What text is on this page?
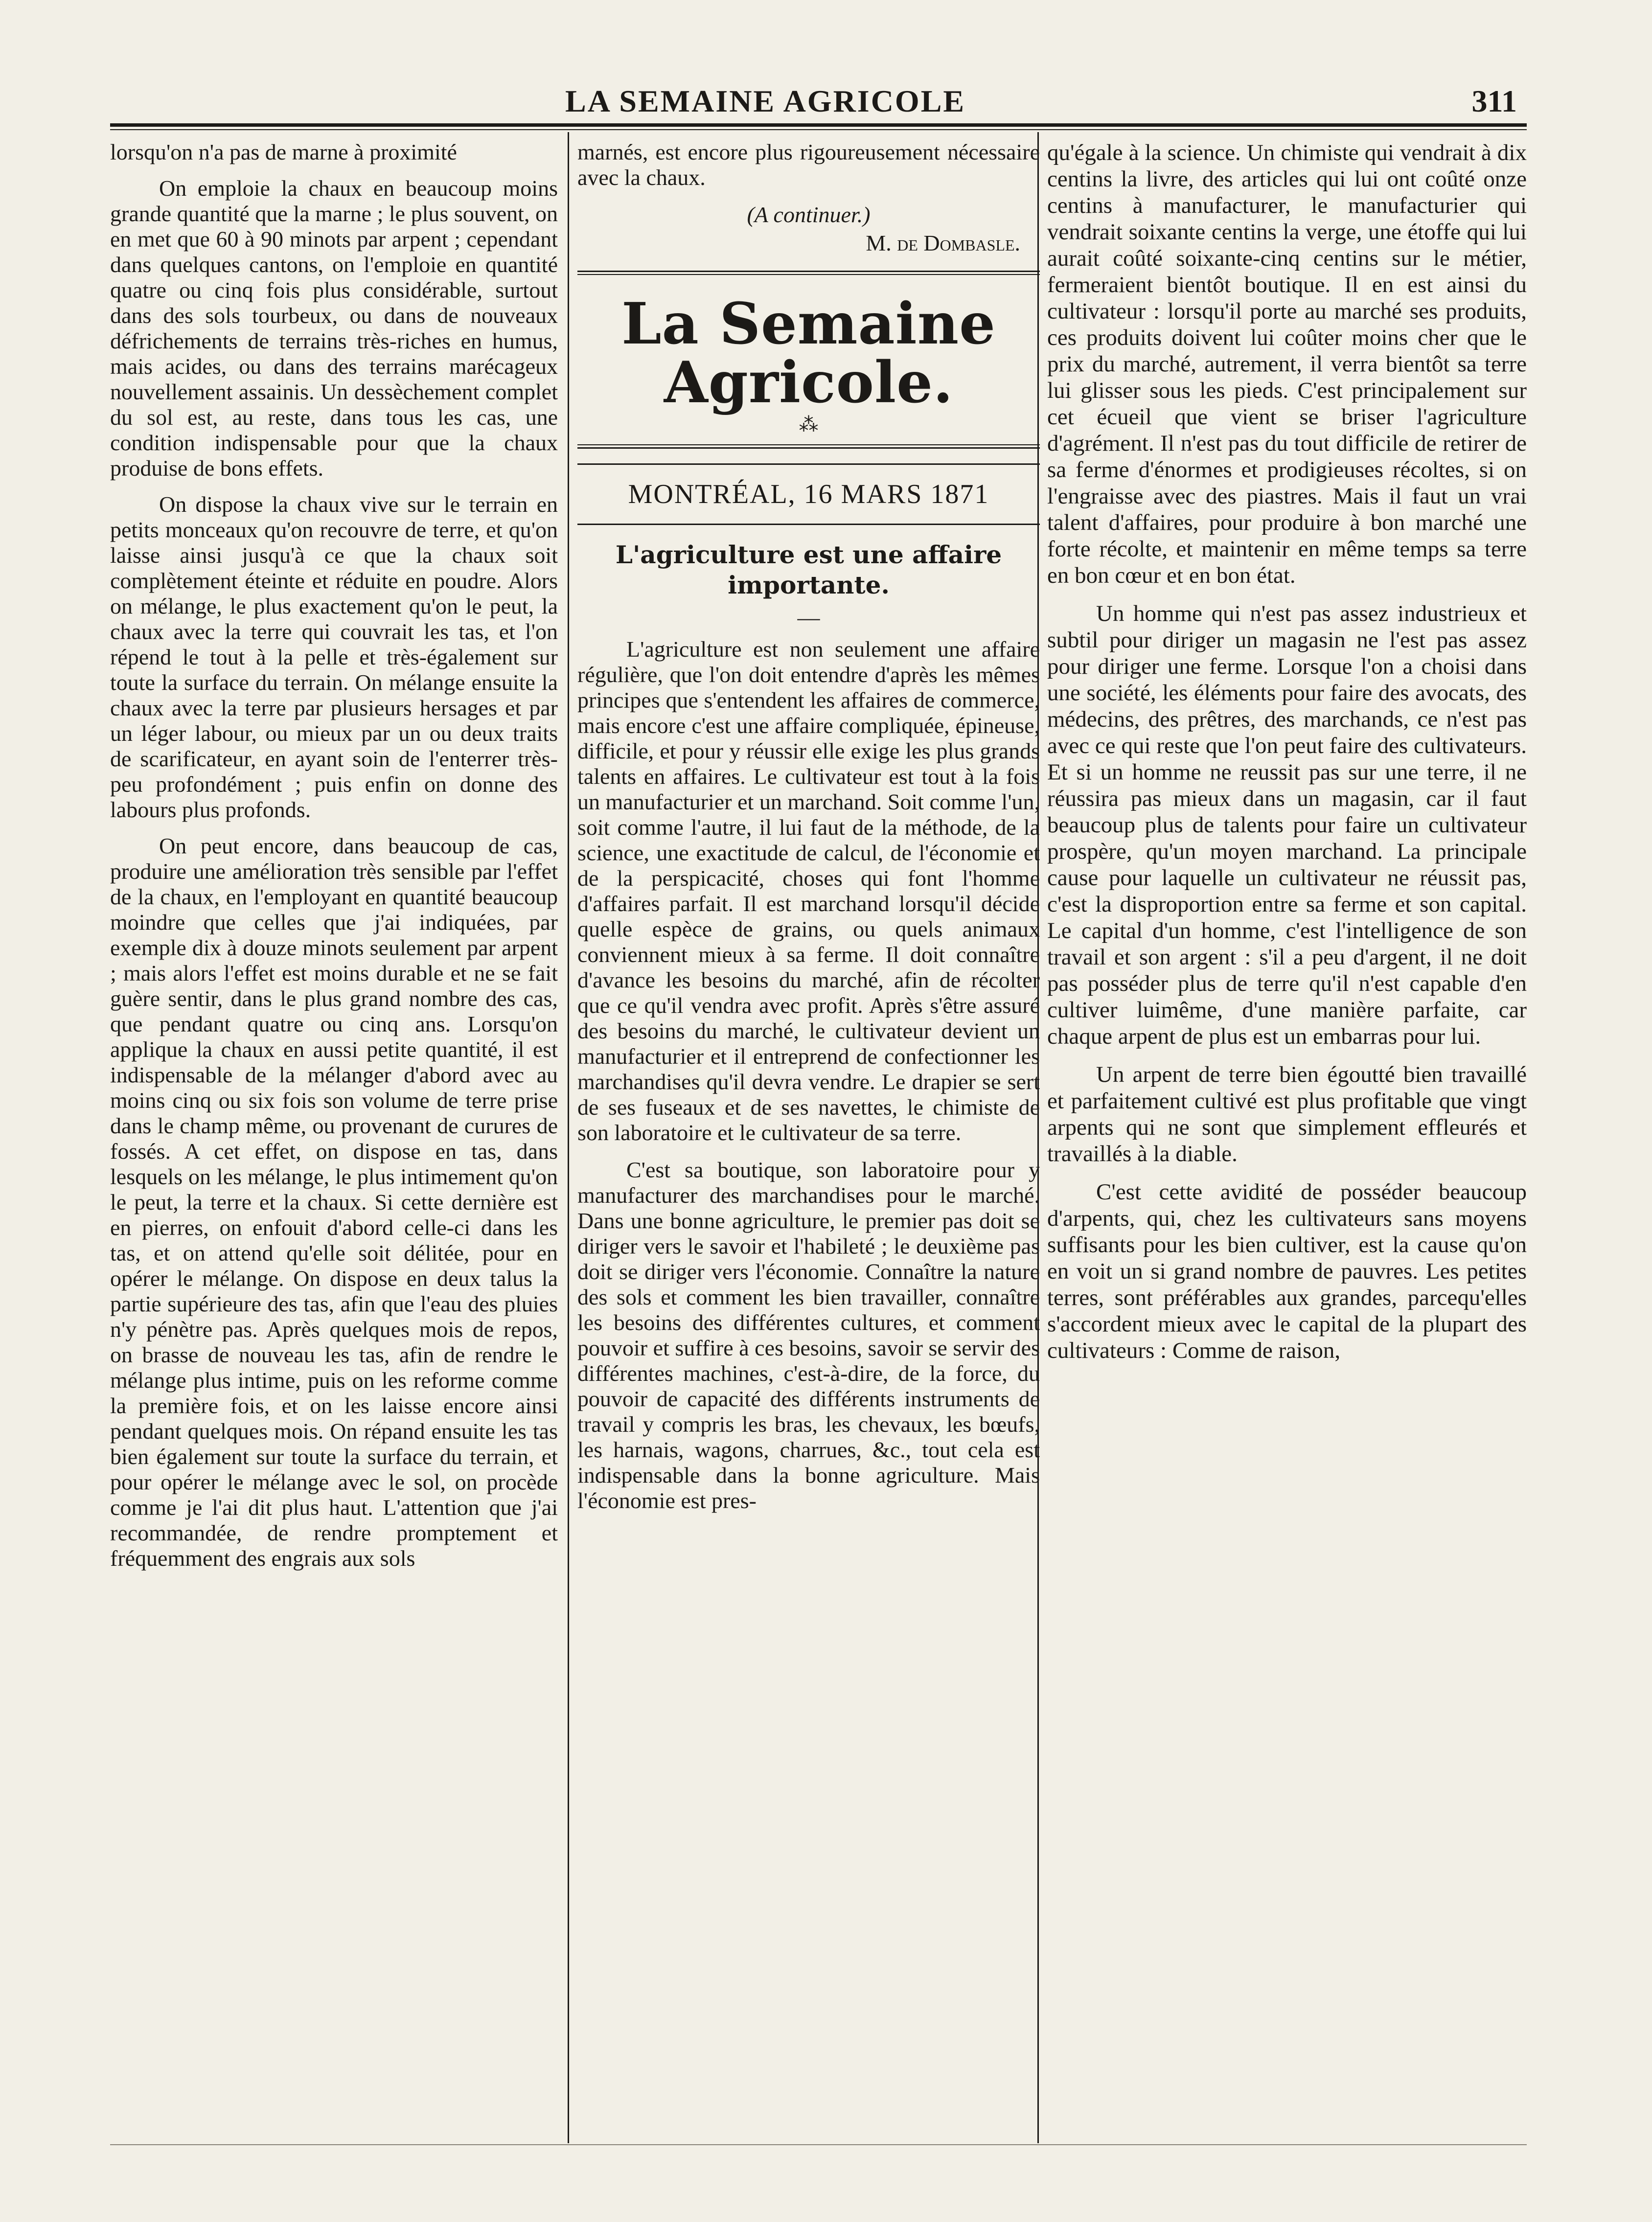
LA SEMAINE AGRICOLE	311

lorsqu'on n'a pas de marne à proximité

On emploie la chaux en beaucoup moins grande quantité que la marne ; le plus souvent, on en met que 60 à 90 minots par arpent ; cependant dans quelques cantons, on l'emploie en quantité quatre ou cinq fois plus considérable, surtout dans des sols tourbeux, ou dans de nouveaux défrichements de terrains très-riches en humus, mais acides, ou dans des terrains marécageux nouvellement assainis. Un dessèchement complet du sol est, au reste, dans tous les cas, une condition indispensable pour que la chaux produise de bons effets.

On dispose la chaux vive sur le terrain en petits monceaux qu'on recouvre de terre, et qu'on laisse ainsi jusqu'à ce que la chaux soit complètement éteinte et réduite en poudre. Alors on mélange, le plus exactement qu'on le peut, la chaux avec la terre qui couvrait les tas, et l'on répend le tout à la pelle et très-également sur toute la surface du terrain. On mélange ensuite la chaux avec la terre par plusieurs hersages et par un léger labour, ou mieux par un ou deux traits de scarificateur, en ayant soin de l'enterrer très-peu profondément ; puis enfin on donne des labours plus profonds.

On peut encore, dans beaucoup de cas, produire une amélioration très sensible par l'effet de la chaux, en l'employant en quantité beaucoup moindre que celles que j'ai indiquées, par exemple dix à douze minots seulement par arpent ; mais alors l'effet est moins durable et ne se fait guère sentir, dans le plus grand nombre des cas, que pendant quatre ou cinq ans. Lorsqu'on applique la chaux en aussi petite quantité, il est indispensable de la mélanger d'abord avec au moins cinq ou six fois son volume de terre prise dans le champ même, ou provenant de curures de fossés. A cet effet, on dispose en tas, dans lesquels on les mélange, le plus intimement qu'on le peut, la terre et la chaux. Si cette dernière est en pierres, on enfouit d'abord celle-ci dans les tas, et on attend qu'elle soit délitée, pour en opérer le mélange. On dispose en deux talus la partie supérieure des tas, afin que l'eau des pluies n'y pénètre pas. Après quelques mois de repos, on brasse de nouveau les tas, afin de rendre le mélange plus intime, puis on les reforme comme la première fois, et on les laisse encore ainsi pendant quelques mois. On répand ensuite les tas bien également sur toute la surface du terrain, et pour opérer le mélange avec le sol, on procède comme je l'ai dit plus haut. L'attention que j'ai recommandée, de rendre promptement et fréquemment des engrais aux sols

marnés, est encore plus rigoureusement nécessaire avec la chaux.

(A continuer.)
M. de Dombasle.
La Semaine Agricole.
⁂
MONTRÉAL, 16 MARS 1871
L'agriculture est une affaire importante.
—

L'agriculture est non seulement une affaire régulière, que l'on doit entendre d'après les mêmes principes que s'entendent les affaires de commerce, mais encore c'est une affaire compliquée, épineuse, difficile, et pour y réussir elle exige les plus grands talents en affaires. Le cultivateur est tout à la fois un manufacturier et un marchand. Soit comme l'un, soit comme l'autre, il lui faut de la méthode, de la science, une exactitude de calcul, de l'économie et de la perspicacité, choses qui font l'homme d'affaires parfait. Il est marchand lorsqu'il décide quelle espèce de grains, ou quels animaux conviennent mieux à sa ferme. Il doit connaître d'avance les besoins du marché, afin de récolter que ce qu'il vendra avec profit. Après s'être assuré des besoins du marché, le cultivateur devient un manufacturier et il entreprend de confectionner les marchandises qu'il devra vendre. Le drapier se sert de ses fuseaux et de ses navettes, le chimiste de son laboratoire et le cultivateur de sa terre.

C'est sa boutique, son laboratoire pour y manufacturer des marchandises pour le marché. Dans une bonne agriculture, le premier pas doit se diriger vers le savoir et l'habileté ; le deuxième pas doit se diriger vers l'économie. Connaître la nature des sols et comment les bien travailler, connaître les besoins des différentes cultures, et comment pouvoir et suffire à ces besoins, savoir se servir des différentes machines, c'est-à-dire, de la force, du pouvoir de capacité des différents instruments de travail y compris les bras, les chevaux, les bœufs, les harnais, wagons, charrues, &c., tout cela est indispensable dans la bonne agriculture. Mais l'économie est pres-

qu'égale à la science. Un chimiste qui vendrait à dix centins la livre, des articles qui lui ont coûté onze centins à manufacturer, le manufacturier qui vendrait soixante centins la verge, une étoffe qui lui aurait coûté soixante-cinq centins sur le métier, fermeraient bientôt boutique. Il en est ainsi du cultivateur : lorsqu'il porte au marché ses produits, ces produits doivent lui coûter moins cher que le prix du marché, autrement, il verra bientôt sa terre lui glisser sous les pieds. C'est principalement sur cet écueil que vient se briser l'agriculture d'agrément. Il n'est pas du tout difficile de retirer de sa ferme d'énormes et prodigieuses récoltes, si on l'engraisse avec des piastres. Mais il faut un vrai talent d'affaires, pour produire à bon marché une forte récolte, et maintenir en même temps sa terre en bon cœur et en bon état.

Un homme qui n'est pas assez industrieux et subtil pour diriger un magasin ne l'est pas assez pour diriger une ferme. Lorsque l'on a choisi dans une société, les éléments pour faire des avocats, des médecins, des prêtres, des marchands, ce n'est pas avec ce qui reste que l'on peut faire des cultivateurs. Et si un homme ne reussit pas sur une terre, il ne réussira pas mieux dans un magasin, car il faut beaucoup plus de talents pour faire un cultivateur prospère, qu'un moyen marchand. La principale cause pour laquelle un cultivateur ne réussit pas, c'est la disproportion entre sa ferme et son capital. Le capital d'un homme, c'est l'intelligence de son travail et son argent : s'il a peu d'argent, il ne doit pas posséder plus de terre qu'il n'est capable d'en cultiver luimême, d'une manière parfaite, car chaque arpent de plus est un embarras pour lui.

Un arpent de terre bien égoutté bien travaillé et parfaitement cultivé est plus profitable que vingt arpents qui ne sont que simplement effleurés et travaillés à la diable.

C'est cette avidité de posséder beaucoup d'arpents, qui, chez les cultivateurs sans moyens suffisants pour les bien cultiver, est la cause qu'on en voit un si grand nombre de pauvres. Les petites terres, sont préférables aux grandes, parcequ'elles s'accordent mieux avec le capital de la plupart des cultivateurs : Comme de raison,
